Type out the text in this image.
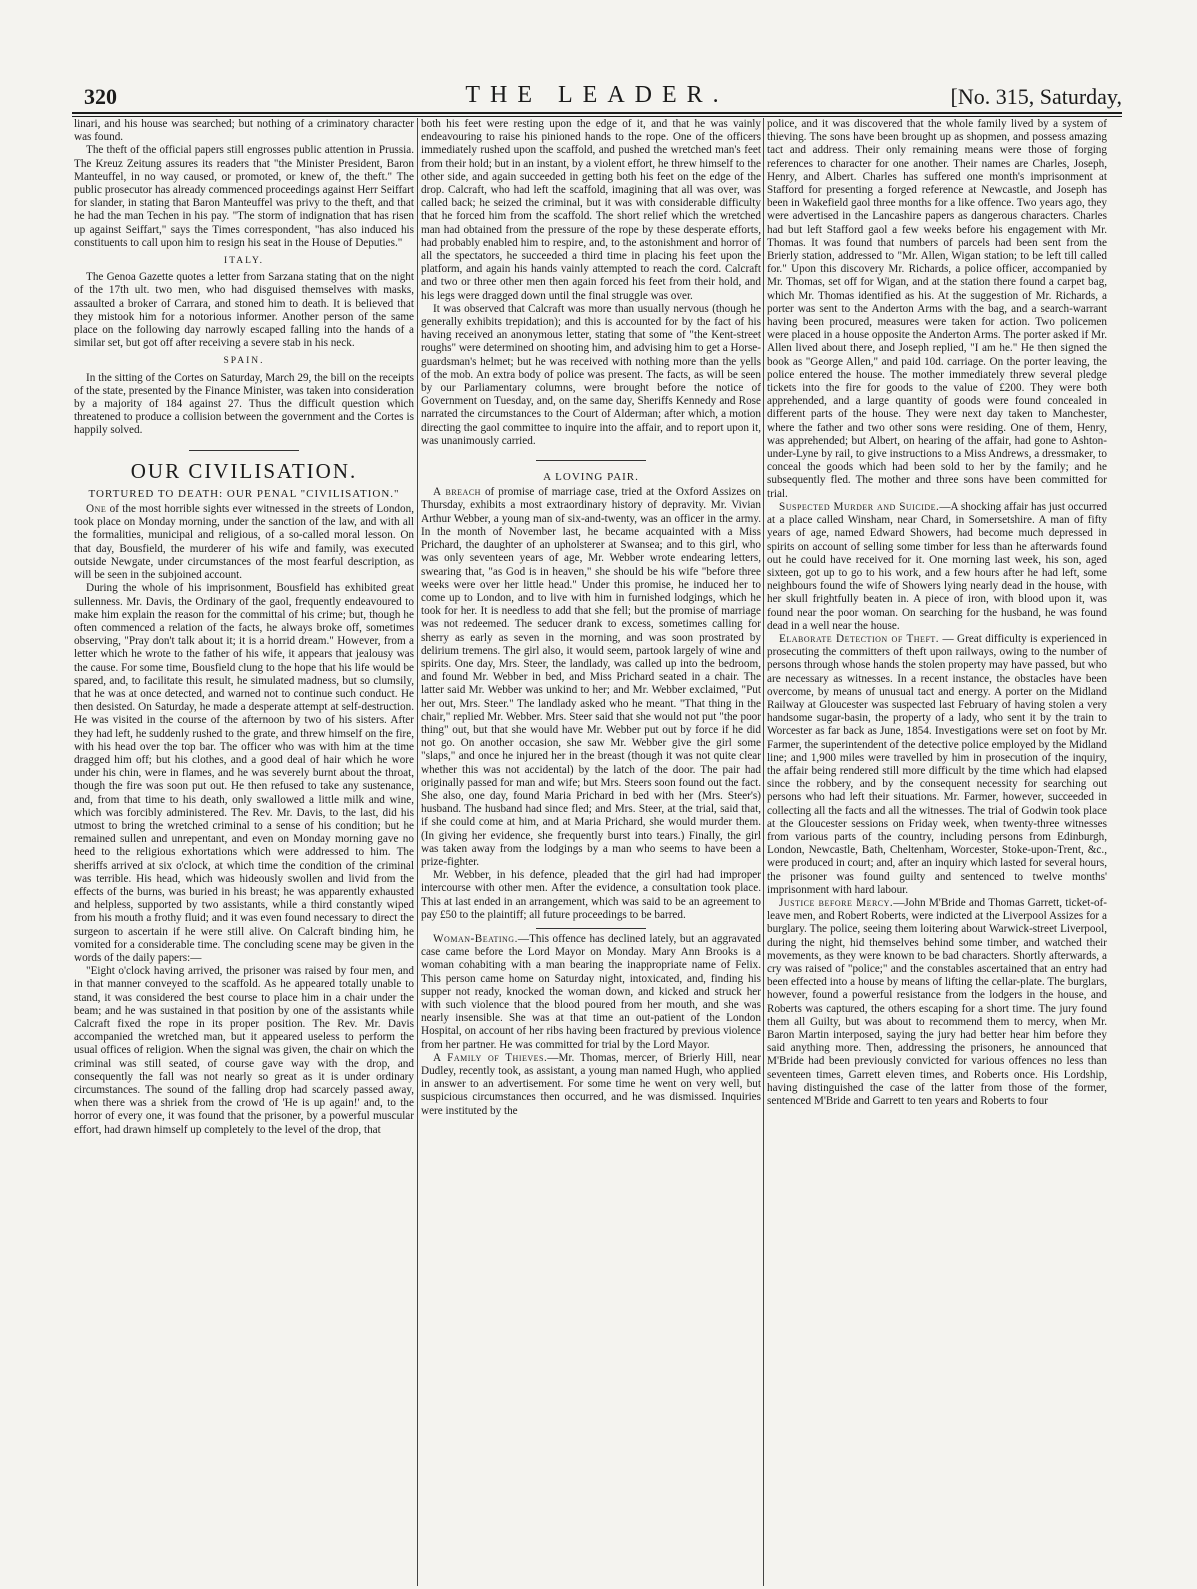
320	THE LEADER.	[No. 315, Saturday,

linari, and his house was searched; but nothing of a criminatory character was found.

The theft of the official papers still engrosses public attention in Prussia. The Kreuz Zeitung assures its readers that "the Minister President, Baron Manteuffel, in no way caused, or promoted, or knew of, the theft." The public prosecutor has already commenced proceedings against Herr Seiffart for slander, in stating that Baron Manteuffel was privy to the theft, and that he had the man Techen in his pay. "The storm of indignation that has risen up against Seiffart," says the Times correspondent, "has also induced his constituents to call upon him to resign his seat in the House of Deputies."

ITALY.

The Genoa Gazette quotes a letter from Sarzana stating that on the night of the 17th ult. two men, who had disguised themselves with masks, assaulted a broker of Carrara, and stoned him to death. It is believed that they mistook him for a notorious informer. Another person of the same place on the following day narrowly escaped falling into the hands of a similar set, but got off after receiving a severe stab in his neck.

SPAIN.

In the sitting of the Cortes on Saturday, March 29, the bill on the receipts of the state, presented by the Finance Minister, was taken into consideration by a majority of 184 against 27. Thus the difficult question which threatened to produce a collision between the government and the Cortes is happily solved.

OUR CIVILISATION.
TORTURED TO DEATH: OUR PENAL "CIVILISATION."

One of the most horrible sights ever witnessed in the streets of London, took place on Monday morning, under the sanction of the law, and with all the formalities, municipal and religious, of a so-called moral lesson. On that day, Bousfield, the murderer of his wife and family, was executed outside Newgate, under circumstances of the most fearful description, as will be seen in the subjoined account.

During the whole of his imprisonment, Bousfield has exhibited great sullenness. Mr. Davis, the Ordinary of the gaol, frequently endeavoured to make him explain the reason for the committal of his crime; but, though he often commenced a relation of the facts, he always broke off, sometimes observing, "Pray don't talk about it; it is a horrid dream." However, from a letter which he wrote to the father of his wife, it appears that jealousy was the cause. For some time, Bousfield clung to the hope that his life would be spared, and, to facilitate this result, he simulated madness, but so clumsily, that he was at once detected, and warned not to continue such conduct. He then desisted. On Saturday, he made a desperate attempt at self-destruction. He was visited in the course of the afternoon by two of his sisters. After they had left, he suddenly rushed to the grate, and threw himself on the fire, with his head over the top bar. The officer who was with him at the time dragged him off; but his clothes, and a good deal of hair which he wore under his chin, were in flames, and he was severely burnt about the throat, though the fire was soon put out. He then refused to take any sustenance, and, from that time to his death, only swallowed a little milk and wine, which was forcibly administered. The Rev. Mr. Davis, to the last, did his utmost to bring the wretched criminal to a sense of his condition; but he remained sullen and unrepentant, and even on Monday morning gave no heed to the religious exhortations which were addressed to him. The sheriffs arrived at six o'clock, at which time the condition of the criminal was terrible. His head, which was hideously swollen and livid from the effects of the burns, was buried in his breast; he was apparently exhausted and helpless, supported by two assistants, while a third constantly wiped from his mouth a frothy fluid; and it was even found necessary to direct the surgeon to ascertain if he were still alive. On Calcraft binding him, he vomited for a considerable time. The concluding scene may be given in the words of the daily papers:—

"Eight o'clock having arrived, the prisoner was raised by four men, and in that manner conveyed to the scaffold. As he appeared totally unable to stand, it was considered the best course to place him in a chair under the beam; and he was sustained in that position by one of the assistants while Calcraft fixed the rope in its proper position. The Rev. Mr. Davis accompanied the wretched man, but it appeared useless to perform the usual offices of religion. When the signal was given, the chair on which the criminal was still seated, of course gave way with the drop, and consequently the fall was not nearly so great as it is under ordinary circumstances. The sound of the falling drop had scarcely passed away, when there was a shriek from the crowd of 'He is up again!' and, to the horror of every one, it was found that the prisoner, by a powerful muscular effort, had drawn himself up completely to the level of the drop, that

both his feet were resting upon the edge of it, and that he was vainly endeavouring to raise his pinioned hands to the rope. One of the officers immediately rushed upon the scaffold, and pushed the wretched man's feet from their hold; but in an instant, by a violent effort, he threw himself to the other side, and again succeeded in getting both his feet on the edge of the drop. Calcraft, who had left the scaffold, imagining that all was over, was called back; he seized the criminal, but it was with considerable difficulty that he forced him from the scaffold. The short relief which the wretched man had obtained from the pressure of the rope by these desperate efforts, had probably enabled him to respire, and, to the astonishment and horror of all the spectators, he succeeded a third time in placing his feet upon the platform, and again his hands vainly attempted to reach the cord. Calcraft and two or three other men then again forced his feet from their hold, and his legs were dragged down until the final struggle was over.

It was observed that Calcraft was more than usually nervous (though he generally exhibits trepidation); and this is accounted for by the fact of his having received an anonymous letter, stating that some of "the Kent-street roughs" were determined on shooting him, and advising him to get a Horse-guardsman's helmet; but he was received with nothing more than the yells of the mob. An extra body of police was present. The facts, as will be seen by our Parliamentary columns, were brought before the notice of Government on Tuesday, and, on the same day, Sheriffs Kennedy and Rose narrated the circumstances to the Court of Alderman; after which, a motion directing the gaol committee to inquire into the affair, and to report upon it, was unanimously carried.

A LOVING PAIR.

A breach of promise of marriage case, tried at the Oxford Assizes on Thursday, exhibits a most extraordinary history of depravity. Mr. Vivian Arthur Webber, a young man of six-and-twenty, was an officer in the army. In the month of November last, he became acquainted with a Miss Prichard, the daughter of an upholsterer at Swansea; and to this girl, who was only seventeen years of age, Mr. Webber wrote endearing letters, swearing that, "as God is in heaven," she should be his wife "before three weeks were over her little head." Under this promise, he induced her to come up to London, and to live with him in furnished lodgings, which he took for her. It is needless to add that she fell; but the promise of marriage was not redeemed. The seducer drank to excess, sometimes calling for sherry as early as seven in the morning, and was soon prostrated by delirium tremens. The girl also, it would seem, partook largely of wine and spirits. One day, Mrs. Steer, the landlady, was called up into the bedroom, and found Mr. Webber in bed, and Miss Prichard seated in a chair. The latter said Mr. Webber was unkind to her; and Mr. Webber exclaimed, "Put her out, Mrs. Steer." The landlady asked who he meant. "That thing in the chair," replied Mr. Webber. Mrs. Steer said that she would not put "the poor thing" out, but that she would have Mr. Webber put out by force if he did not go. On another occasion, she saw Mr. Webber give the girl some "slaps," and once he injured her in the breast (though it was not quite clear whether this was not accidental) by the latch of the door. The pair had originally passed for man and wife; but Mrs. Steers soon found out the fact. She also, one day, found Maria Prichard in bed with her (Mrs. Steer's) husband. The husband had since fled; and Mrs. Steer, at the trial, said that, if she could come at him, and at Maria Prichard, she would murder them. (In giving her evidence, she frequently burst into tears.) Finally, the girl was taken away from the lodgings by a man who seems to have been a prize-fighter.

Mr. Webber, in his defence, pleaded that the girl had had improper intercourse with other men. After the evidence, a consultation took place. This at last ended in an arrangement, which was said to be an agreement to pay £50 to the plaintiff; all future proceedings to be barred.

Woman-Beating.—This offence has declined lately, but an aggravated case came before the Lord Mayor on Monday. Mary Ann Brooks is a woman cohabiting with a man bearing the inappropriate name of Felix. This person came home on Saturday night, intoxicated, and, finding his supper not ready, knocked the woman down, and kicked and struck her with such violence that the blood poured from her mouth, and she was nearly insensible. She was at that time an out-patient of the London Hospital, on account of her ribs having been fractured by previous violence from her partner. He was committed for trial by the Lord Mayor.

A Family of Thieves.—Mr. Thomas, mercer, of Brierly Hill, near Dudley, recently took, as assistant, a young man named Hugh, who applied in answer to an advertisement. For some time he went on very well, but suspicious circumstances then occurred, and he was dismissed. Inquiries were instituted by the

police, and it was discovered that the whole family lived by a system of thieving. The sons have been brought up as shopmen, and possess amazing tact and address. Their only remaining means were those of forging references to character for one another. Their names are Charles, Joseph, Henry, and Albert. Charles has suffered one month's imprisonment at Stafford for presenting a forged reference at Newcastle, and Joseph has been in Wakefield gaol three months for a like offence. Two years ago, they were advertised in the Lancashire papers as dangerous characters. Charles had but left Stafford gaol a few weeks before his engagement with Mr. Thomas. It was found that numbers of parcels had been sent from the Brierly station, addressed to "Mr. Allen, Wigan station; to be left till called for." Upon this discovery Mr. Richards, a police officer, accompanied by Mr. Thomas, set off for Wigan, and at the station there found a carpet bag, which Mr. Thomas identified as his. At the suggestion of Mr. Richards, a porter was sent to the Anderton Arms with the bag, and a search-warrant having been procured, measures were taken for action. Two policemen were placed in a house opposite the Anderton Arms. The porter asked if Mr. Allen lived about there, and Joseph replied, "I am he." He then signed the book as "George Allen," and paid 10d. carriage. On the porter leaving, the police entered the house. The mother immediately threw several pledge tickets into the fire for goods to the value of £200. They were both apprehended, and a large quantity of goods were found concealed in different parts of the house. They were next day taken to Manchester, where the father and two other sons were residing. One of them, Henry, was apprehended; but Albert, on hearing of the affair, had gone to Ashton-under-Lyne by rail, to give instructions to a Miss Andrews, a dressmaker, to conceal the goods which had been sold to her by the family; and he subsequently fled. The mother and three sons have been committed for trial.

Suspected Murder and Suicide.—A shocking affair has just occurred at a place called Winsham, near Chard, in Somersetshire. A man of fifty years of age, named Edward Showers, had become much depressed in spirits on account of selling some timber for less than he afterwards found out he could have received for it. One morning last week, his son, aged sixteen, got up to go to his work, and a few hours after he had left, some neighbours found the wife of Showers lying nearly dead in the house, with her skull frightfully beaten in. A piece of iron, with blood upon it, was found near the poor woman. On searching for the husband, he was found dead in a well near the house.

Elaborate Detection of Theft. — Great difficulty is experienced in prosecuting the committers of theft upon railways, owing to the number of persons through whose hands the stolen property may have passed, but who are necessary as witnesses. In a recent instance, the obstacles have been overcome, by means of unusual tact and energy. A porter on the Midland Railway at Gloucester was suspected last February of having stolen a very handsome sugar-basin, the property of a lady, who sent it by the train to Worcester as far back as June, 1854. Investigations were set on foot by Mr. Farmer, the superintendent of the detective police employed by the Midland line; and 1,900 miles were travelled by him in prosecution of the inquiry, the affair being rendered still more difficult by the time which had elapsed since the robbery, and by the consequent necessity for searching out persons who had left their situations. Mr. Farmer, however, succeeded in collecting all the facts and all the witnesses. The trial of Godwin took place at the Gloucester sessions on Friday week, when twenty-three witnesses from various parts of the country, including persons from Edinburgh, London, Newcastle, Bath, Cheltenham, Worcester, Stoke-upon-Trent, &c., were produced in court; and, after an inquiry which lasted for several hours, the prisoner was found guilty and sentenced to twelve months' imprisonment with hard labour.

Justice before Mercy.—John M'Bride and Thomas Garrett, ticket-of-leave men, and Robert Roberts, were indicted at the Liverpool Assizes for a burglary. The police, seeing them loitering about Warwick-street Liverpool, during the night, hid themselves behind some timber, and watched their movements, as they were known to be bad characters. Shortly afterwards, a cry was raised of "police;" and the constables ascertained that an entry had been effected into a house by means of lifting the cellar-plate. The burglars, however, found a powerful resistance from the lodgers in the house, and Roberts was captured, the others escaping for a short time. The jury found them all Guilty, but was about to recommend them to mercy, when Mr. Baron Martin interposed, saying the jury had better hear him before they said anything more. Then, addressing the prisoners, he announced that M'Bride had been previously convicted for various offences no less than seventeen times, Garrett eleven times, and Roberts once. His Lordship, having distinguished the case of the latter from those of the former, sentenced M'Bride and Garrett to ten years and Roberts to four
